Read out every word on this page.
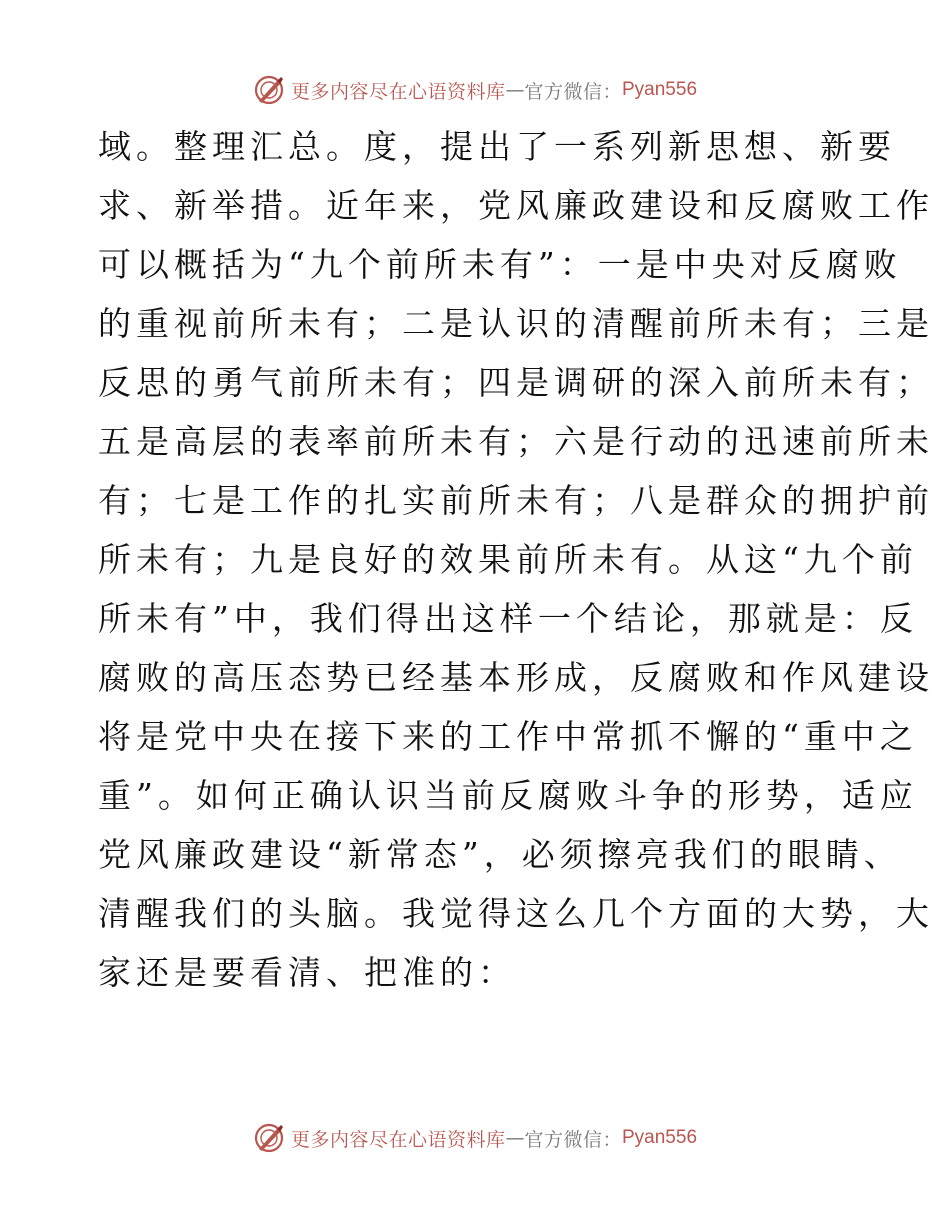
更多内容尽在心语资料库 — 官方微信： Pyan556
域。整理汇总。度，提出了一系列新思想、新要
求、新举措。近年来，党风廉政建设和反腐败工作
可以概括为“九个前所未有”：一是中央对反腐败
的重视前所未有；二是认识的清醒前所未有；三是
反思的勇气前所未有；四是调研的深入前所未有；
五是高层的表率前所未有；六是行动的迅速前所未
有；七是工作的扎实前所未有；八是群众的拥护前
所未有；九是良好的效果前所未有。从这“九个前
所未有”中，我们得出这样一个结论，那就是：反
腐败的高压态势已经基本形成，反腐败和作风建设
将是党中央在接下来的工作中常抓不懈的“重中之
重”。如何正确认识当前反腐败斗争的形势，适应
党风廉政建设“新常态”，必须擦亮我们的眼睛、
清醒我们的头脑。我觉得这么几个方面的大势，大
家还是要看清、把准的：
更多内容尽在心语资料库 — 官方微信： Pyan556
